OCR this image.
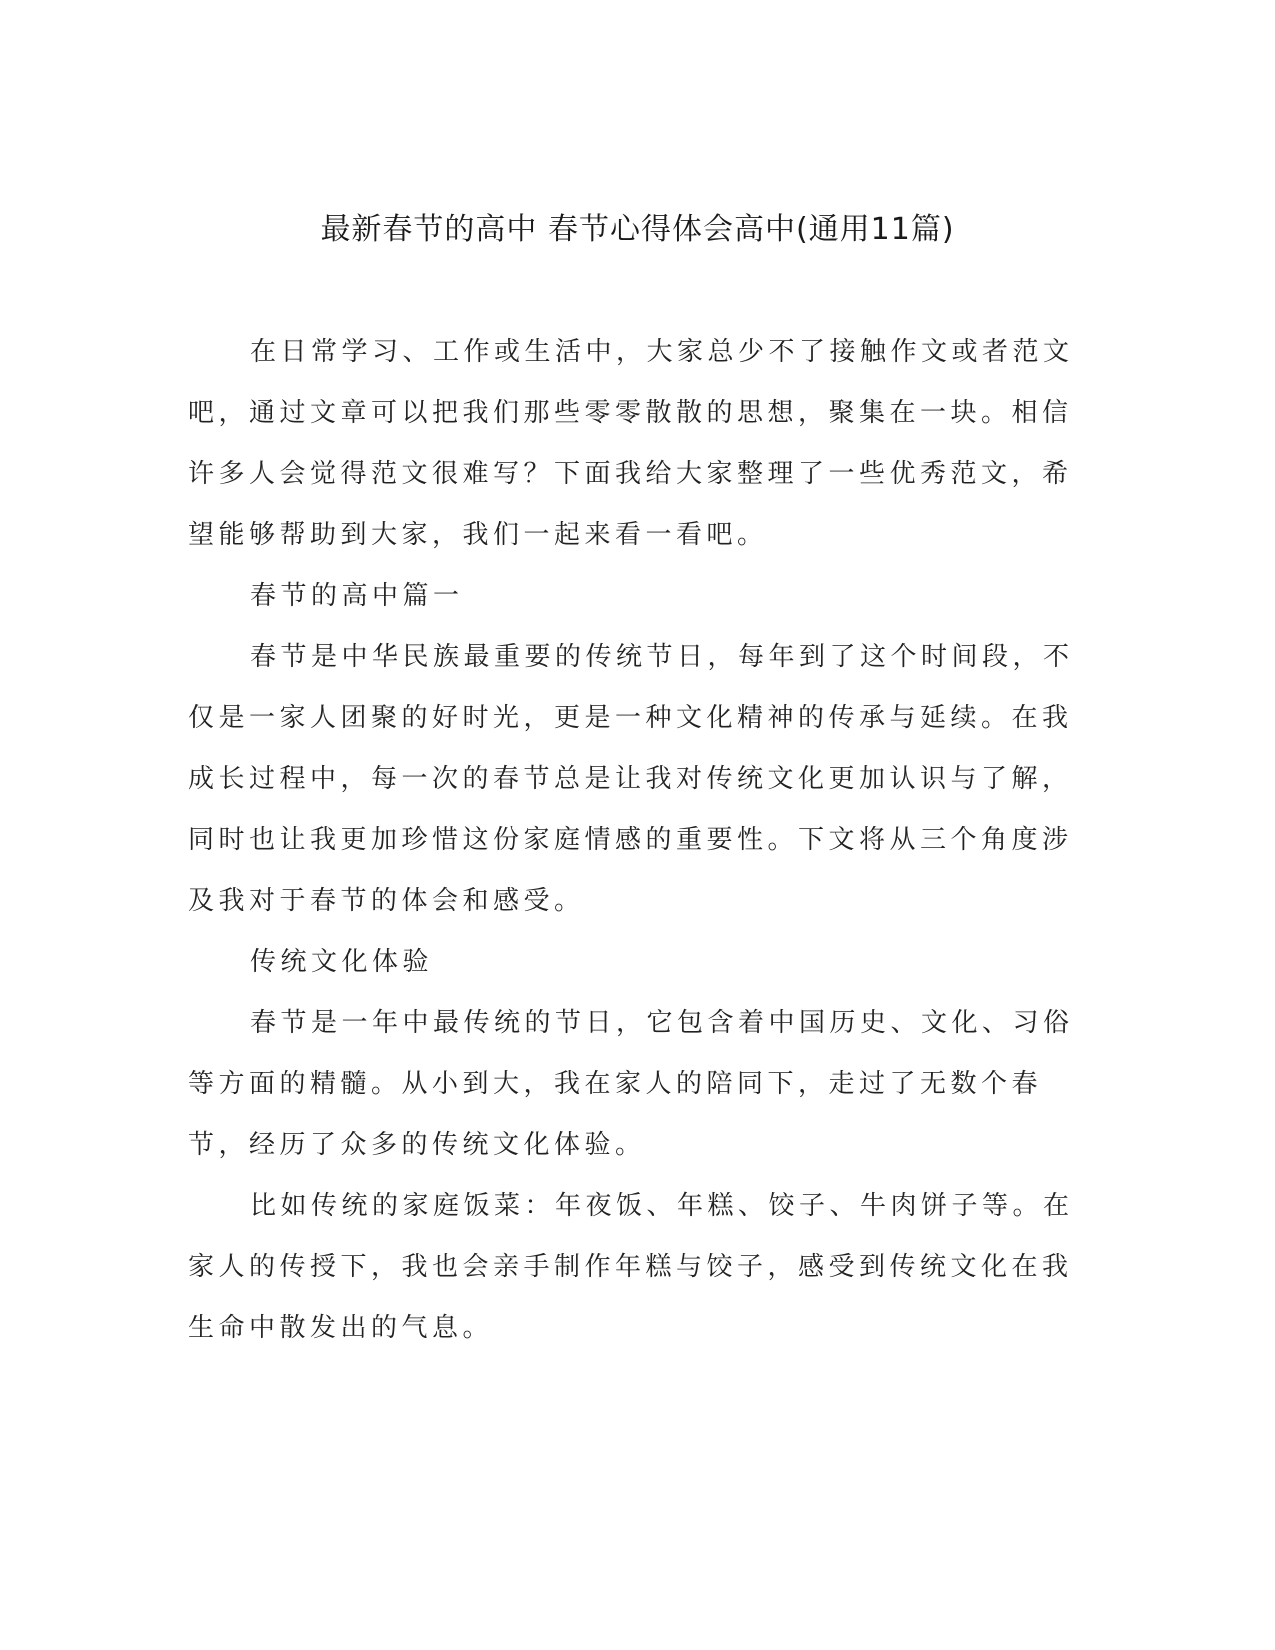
最新春节的高中 春节心得体会高中(通用11篇)

在日常学习、工作或生活中，大家总少不了接触作文或者范文吧，通过文章可以把我们那些零零散散的思想，聚集在一块。相信许多人会觉得范文很难写？下面我给大家整理了一些优秀范文，希望能够帮助到大家，我们一起来看一看吧。

春节的高中篇一

春节是中华民族最重要的传统节日，每年到了这个时间段，不仅是一家人团聚的好时光，更是一种文化精神的传承与延续。在我成长过程中，每一次的春节总是让我对传统文化更加认识与了解，同时也让我更加珍惜这份家庭情感的重要性。下文将从三个角度涉及我对于春节的体会和感受。

传统文化体验

春节是一年中最传统的节日，它包含着中国历史、文化、习俗等方面的精髓。从小到大，我在家人的陪同下，走过了无数个春节，经历了众多的传统文化体验。

比如传统的家庭饭菜：年夜饭、年糕、饺子、牛肉饼子等。在家人的传授下，我也会亲手制作年糕与饺子，感受到传统文化在我生命中散发出的气息。
